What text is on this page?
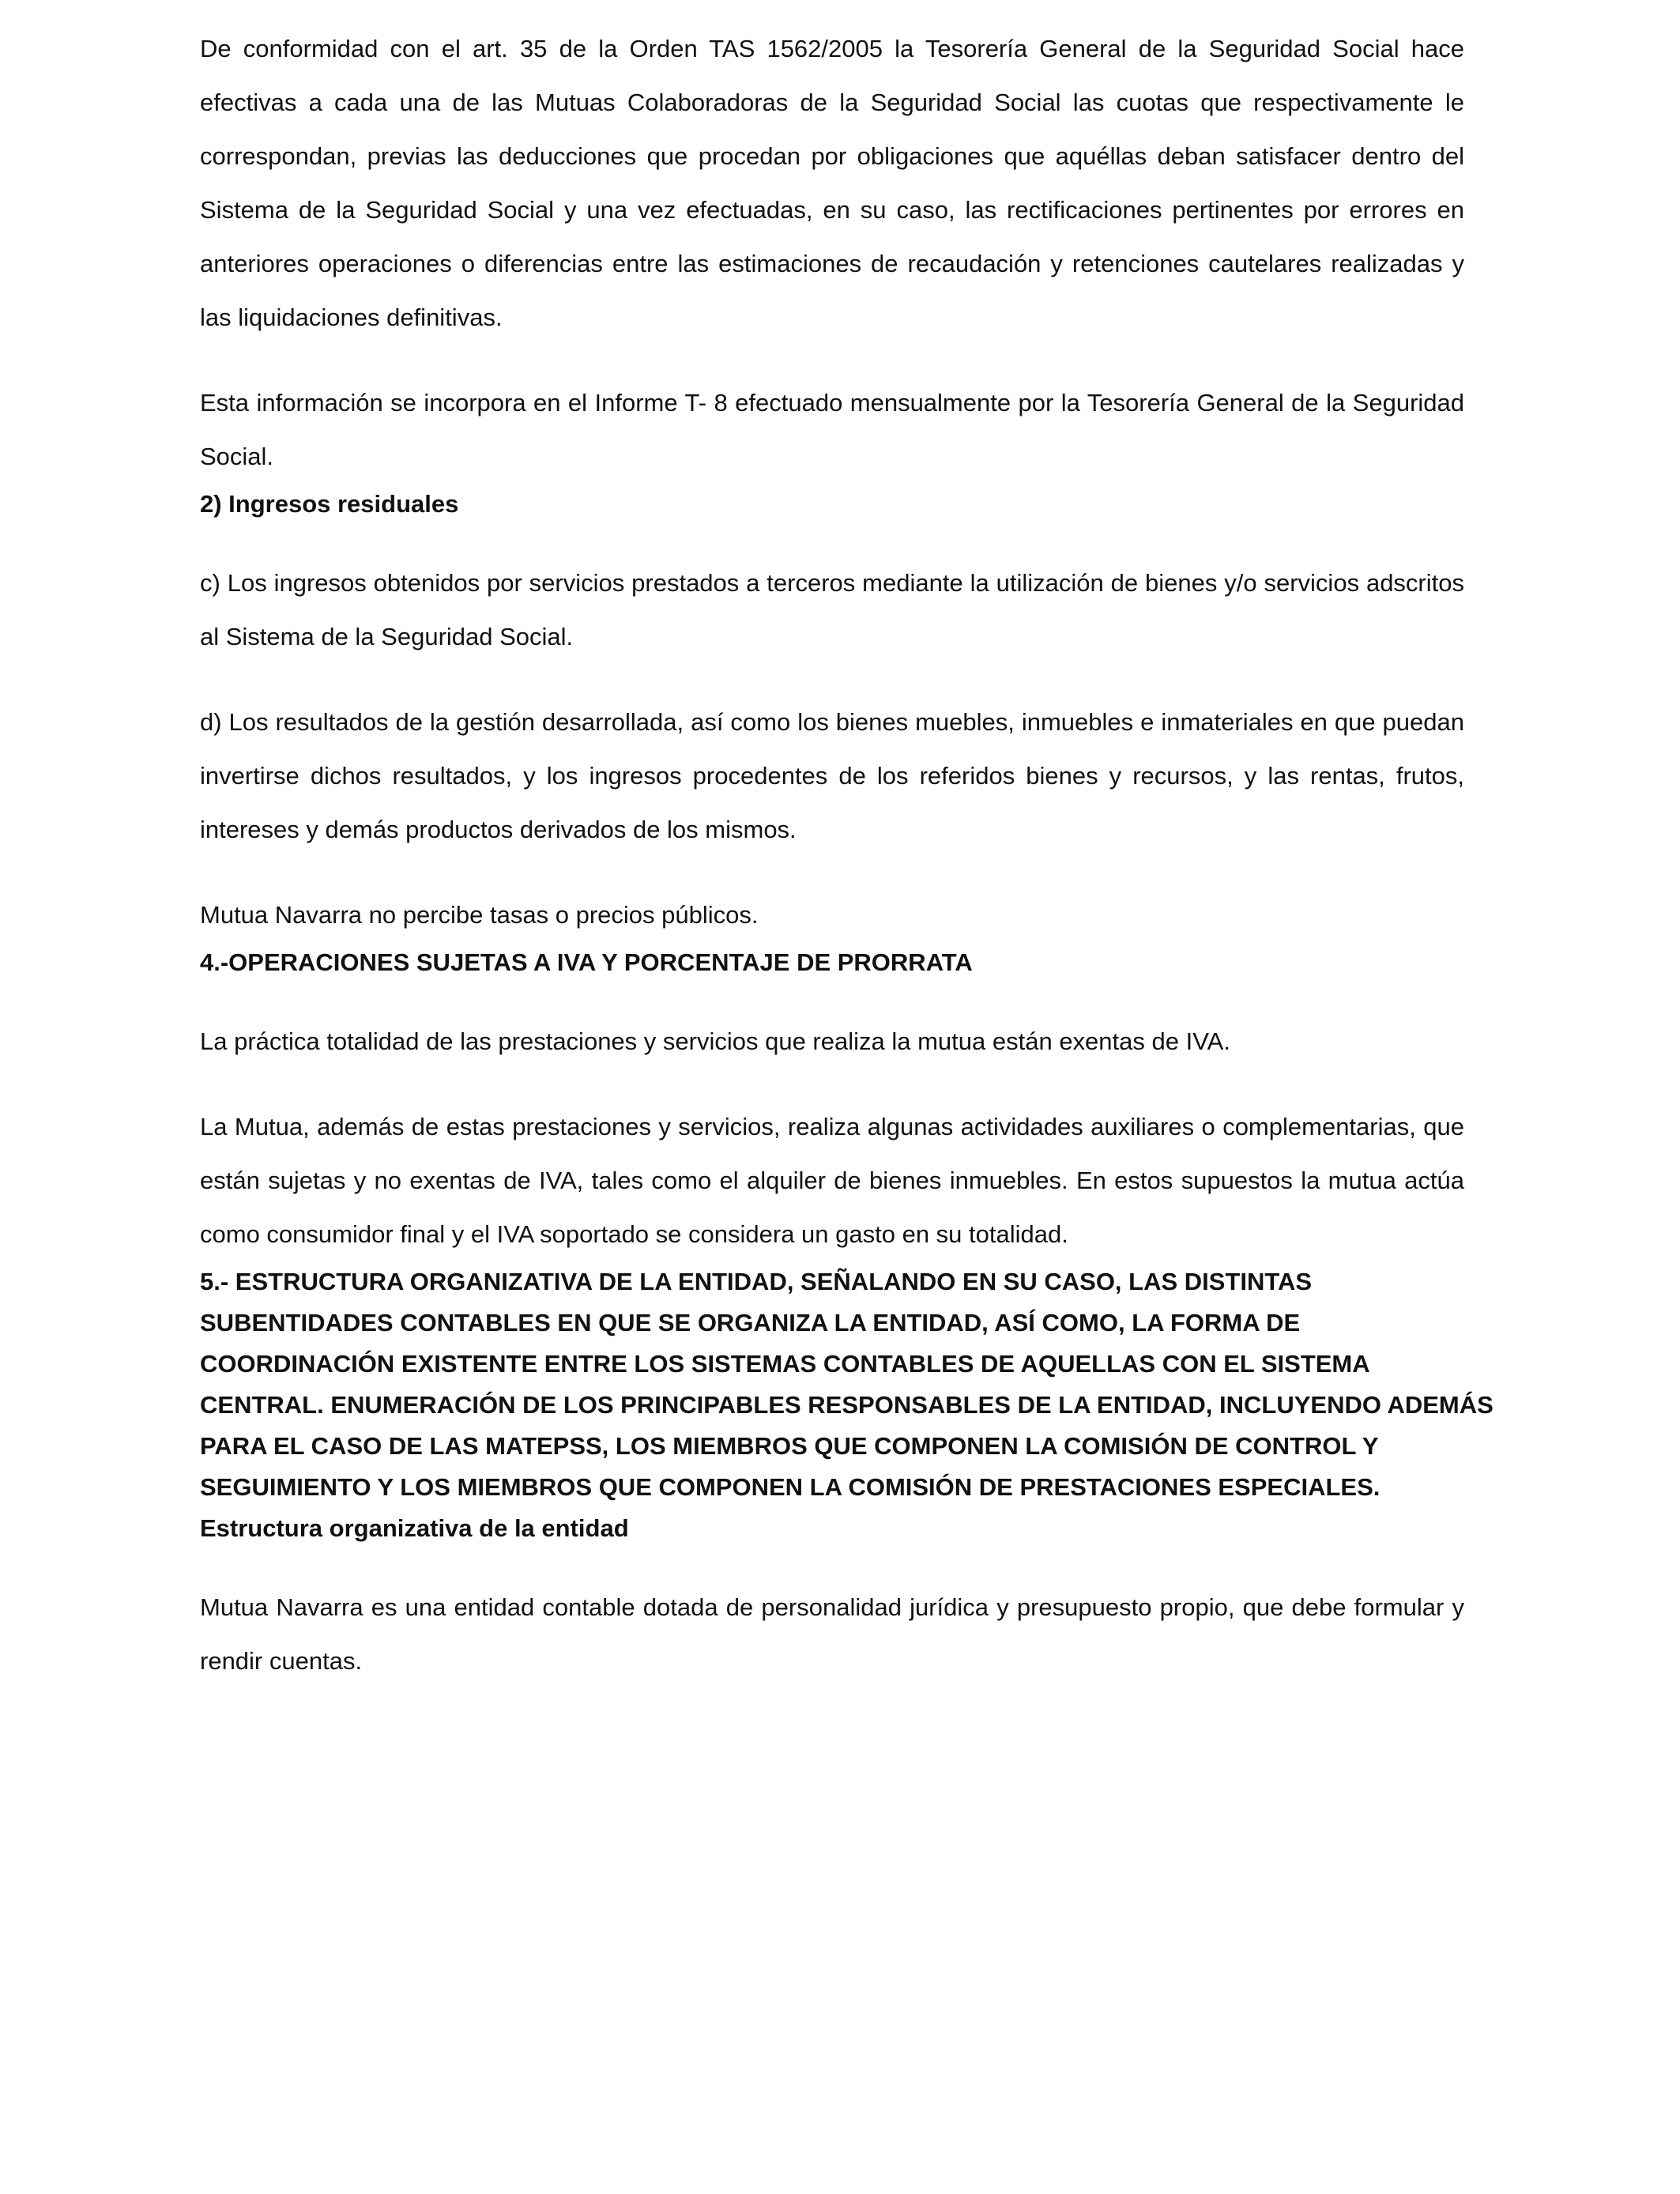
De conformidad con el art. 35 de la Orden TAS 1562/2005 la Tesorería General de la Seguridad Social hace efectivas a cada una de las Mutuas Colaboradoras de la Seguridad Social las cuotas que respectivamente le correspondan, previas las deducciones que procedan por obligaciones que aquéllas deban satisfacer dentro del Sistema de la Seguridad Social y una vez efectuadas, en su caso, las rectificaciones pertinentes por errores en anteriores operaciones o diferencias entre las estimaciones de recaudación y retenciones cautelares realizadas y las liquidaciones definitivas.

Esta información se incorpora en el Informe T- 8 efectuado mensualmente por la Tesorería General de la Seguridad Social.

2) Ingresos residuales

c) Los ingresos obtenidos por servicios prestados a terceros mediante la utilización de bienes y/o servicios adscritos al Sistema de la Seguridad Social.

d) Los resultados de la gestión desarrollada, así como los bienes muebles, inmuebles e inmateriales en que puedan invertirse dichos resultados, y los ingresos procedentes de los referidos bienes y recursos, y las rentas, frutos, intereses y demás productos derivados de los mismos.

Mutua Navarra no percibe tasas o precios públicos.

4.-OPERACIONES SUJETAS A IVA Y PORCENTAJE DE PRORRATA

La práctica totalidad de las prestaciones y servicios que realiza la mutua están exentas de IVA.

La Mutua, además de estas prestaciones y servicios, realiza algunas actividades auxiliares o complementarias, que están sujetas y no exentas de IVA, tales como el alquiler de bienes inmuebles. En estos supuestos la mutua actúa como consumidor final y el IVA soportado se considera un gasto en su totalidad.

5.- ESTRUCTURA ORGANIZATIVA DE LA ENTIDAD, SEÑALANDO EN SU CASO, LAS DISTINTAS SUBENTIDADES CONTABLES EN QUE SE ORGANIZA LA ENTIDAD, ASÍ COMO, LA FORMA DE COORDINACIÓN EXISTENTE ENTRE LOS SISTEMAS CONTABLES DE AQUELLAS CON EL SISTEMA CENTRAL. ENUMERACIÓN DE LOS PRINCIPABLES RESPONSABLES DE LA ENTIDAD, INCLUYENDO ADEMÁS PARA EL CASO DE LAS MATEPSS, LOS MIEMBROS QUE COMPONEN LA COMISIÓN DE CONTROL Y SEGUIMIENTO Y LOS MIEMBROS QUE COMPONEN LA COMISIÓN DE PRESTACIONES ESPECIALES.

Estructura organizativa de la entidad

Mutua Navarra es una entidad contable dotada de personalidad jurídica y presupuesto propio, que debe formular y rendir cuentas.
